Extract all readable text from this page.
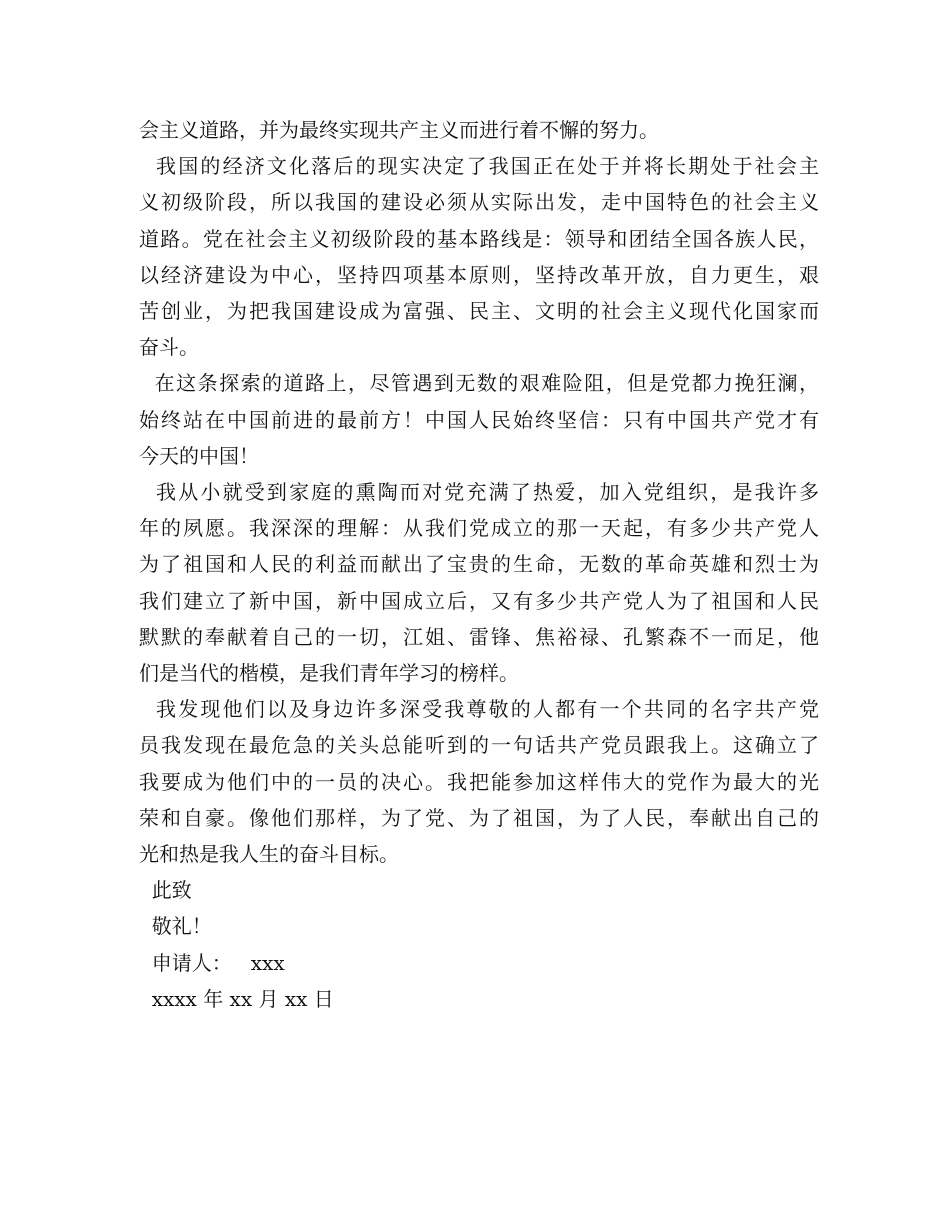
会主义道路，并为最终实现共产主义而进行着不懈的努力。

我国的经济文化落后的现实决定了我国正在处于并将长期处于社会主
义初级阶段，所以我国的建设必须从实际出发，走中国特色的社会主义
道路。党在社会主义初级阶段的基本路线是：领导和团结全国各族人民，
以经济建设为中心，坚持四项基本原则，坚持改革开放，自力更生，艰
苦创业，为把我国建设成为富强、民主、文明的社会主义现代化国家而
奋斗。

在这条探索的道路上，尽管遇到无数的艰难险阻，但是党都力挽狂澜，
始终站在中国前进的最前方！中国人民始终坚信：只有中国共产党才有
今天的中国！

我从小就受到家庭的熏陶而对党充满了热爱，加入党组织，是我许多
年的夙愿。我深深的理解：从我们党成立的那一天起，有多少共产党人
为了祖国和人民的利益而献出了宝贵的生命，无数的革命英雄和烈士为
我们建立了新中国，新中国成立后，又有多少共产党人为了祖国和人民
默默的奉献着自己的一切，江姐、雷锋、焦裕禄、孔繁森不一而足，他
们是当代的楷模，是我们青年学习的榜样。

我发现他们以及身边许多深受我尊敬的人都有一个共同的名字共产党
员我发现在最危急的关头总能听到的一句话共产党员跟我上。这确立了
我要成为他们中的一员的决心。我把能参加这样伟大的党作为最大的光
荣和自豪。像他们那样，为了党、为了祖国，为了人民，奉献出自己的
光和热是我人生的奋斗目标。

此致
敬礼！
申请人：   xxx
xxxx 年 xx 月 xx 日
